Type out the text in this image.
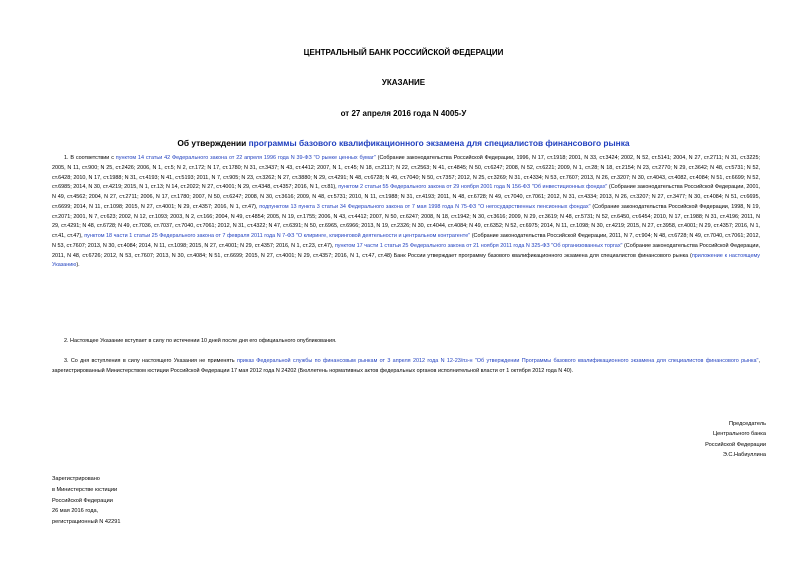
ЦЕНТРАЛЬНЫЙ БАНК РОССИЙСКОЙ ФЕДЕРАЦИИ
УКАЗАНИЕ
от 27 апреля 2016 года N 4005-У
Об утверждении программы базового квалификационного экзамена для специалистов финансового рынка

1. В соответствии с пунктом 14 статьи 42 Федерального закона от 22 апреля 1996 года N 39-ФЗ "О рынке ценных бумаг" (Собрание законодательства Российской Федерации, 1996, N 17, ст.1918; 2001, N 33, ст.3424; 2002, N 52, ст.5141; 2004, N 27, ст.2711; N 31, ст.3225; 2005, N 11, ст.900; N 25, ст.2426; 2006, N 1, ст.5; N 2, ст.172; N 17, ст.1780; N 31, ст.3437; N 43, ст.4412; 2007, N 1, ст.45; N 18, ст.2117; N 22, ст.2563; N 41, ст.4845; N 50, ст.6247; 2008, N 52, ст.6221; 2009, N 1, ст.28; N 18, ст.2154; N 23, ст.2770; N 29, ст.3642; N 48, ст.5731; N 52, ст.6428; 2010, N 17, ст.1988; N 31, ст.4193; N 41, ст.5193; 2011, N 7, ст.905; N 23, ст.3262; N 27, ст.3880; N 29, ст.4291; N 48, ст.6728; N 49, ст.7040; N 50, ст.7357; 2012, N 25, ст.3269; N 31, ст.4334; N 53, ст.7607; 2013, N 26, ст.3207; N 30, ст.4043, ст.4082, ст.4084; N 51, ст.6699; N 52, ст.6985; 2014, N 30, ст.4219; 2015, N 1, ст.13; N 14, ст.2022; N 27, ст.4001; N 29, ст.4348, ст.4357; 2016, N 1, ст.81), пунктом 2 статьи 55 Федерального закона от 29 ноября 2001 года N 156-ФЗ "Об инвестиционных фондах" (Собрание законодательства Российской Федерации, 2001, N 49, ст.4562; 2004, N 27, ст.2711; 2006, N 17, ст.1780; 2007, N 50, ст.6247; 2008, N 30, ст.3616; 2009, N 48, ст.5731; 2010, N 11, ст.1988; N 31, ст.4193; 2011, N 48, ст.6728; N 49, ст.7040, ст.7061; 2012, N 31, ст.4334; 2013, N 26, ст.3207; N 27, ст.3477; N 30, ст.4084; N 51, ст.6695, ст.6699; 2014, N 11, ст.1098; 2015, N 27, ст.4001; N 29, ст.4357; 2016, N 1, ст.47), подпунктом 13 пункта 3 статьи 34 Федерального закона от 7 мая 1998 года N 75-ФЗ "О негосударственных пенсионных фондах" (Собрание законодательства Российской Федерации, 1998, N 19, ст.2071; 2001, N 7, ст.623; 2002, N 12, ст.1093; 2003, N 2, ст.166; 2004, N 49, ст.4854; 2005, N 19, ст.1755; 2006, N 43, ст.4412; 2007, N 50, ст.6247; 2008, N 18, ст.1942; N 30, ст.3616; 2009, N 29, ст.3619; N 48, ст.5731; N 52, ст.6450, ст.6454; 2010, N 17, ст.1988; N 31, ст.4196; 2011, N 29, ст.4291; N 48, ст.6728; N 49, ст.7036, ст.7037, ст.7040, ст.7061; 2012, N 31, ст.4322; N 47, ст.6391; N 50, ст.6965, ст.6966; 2013, N 19, ст.2326; N 30, ст.4044, ст.4084; N 49, ст.6352; N 52, ст.6975; 2014, N 11, ст.1098; N 30, ст.4219; 2015, N 27, ст.3958, ст.4001; N 29, ст.4357; 2016, N 1, ст.41, ст.47), пунктом 18 части 1 статьи 25 Федерального закона от 7 февраля 2011 года N 7-ФЗ "О клиринге, клиринговой деятельности и центральном контрагенте" (Собрание законодательства Российской Федерации, 2011, N 7, ст.904; N 48, ст.6728; N 49, ст.7040, ст.7061; 2012, N 53, ст.7607; 2013, N 30, ст.4084; 2014, N 11, ст.1098; 2015, N 27, ст.4001; N 29, ст.4357; 2016, N 1, ст.23, ст.47), пунктом 17 части 1 статьи 25 Федерального закона от 21 ноября 2011 года N 325-ФЗ "Об организованных торгах" (Собрание законодательства Российской Федерации, 2011, N 48, ст.6726; 2012, N 53, ст.7607; 2013, N 30, ст.4084; N 51, ст.6699; 2015, N 27, ст.4001; N 29, ст.4357; 2016, N 1, ст.47, ст.48) Банк России утверждает программу базового квалификационного экзамена для специалистов финансового рынка (приложение к настоящему Указанию).

2. Настоящее Указание вступает в силу по истечении 10 дней после дня его официального опубликования.

3. Со дня вступления в силу настоящего Указания не применять приказ Федеральной службы по финансовым рынкам от 3 апреля 2012 года N 12-23/пз-н "Об утверждении Программы базового квалификационного экзамена для специалистов финансового рынка", зарегистрированный Министерством юстиции Российской Федерации 17 мая 2012 года N 24202 (Бюллетень нормативных актов федеральных органов исполнительной власти от 1 октября 2012 года N 40).

Председатель
Центрального банка
Российской Федерации
Э.С.Набиуллина
Зарегистрировано
в Министерстве юстиции
Российской Федерации
26 мая 2016 года,
регистрационный N 42291
